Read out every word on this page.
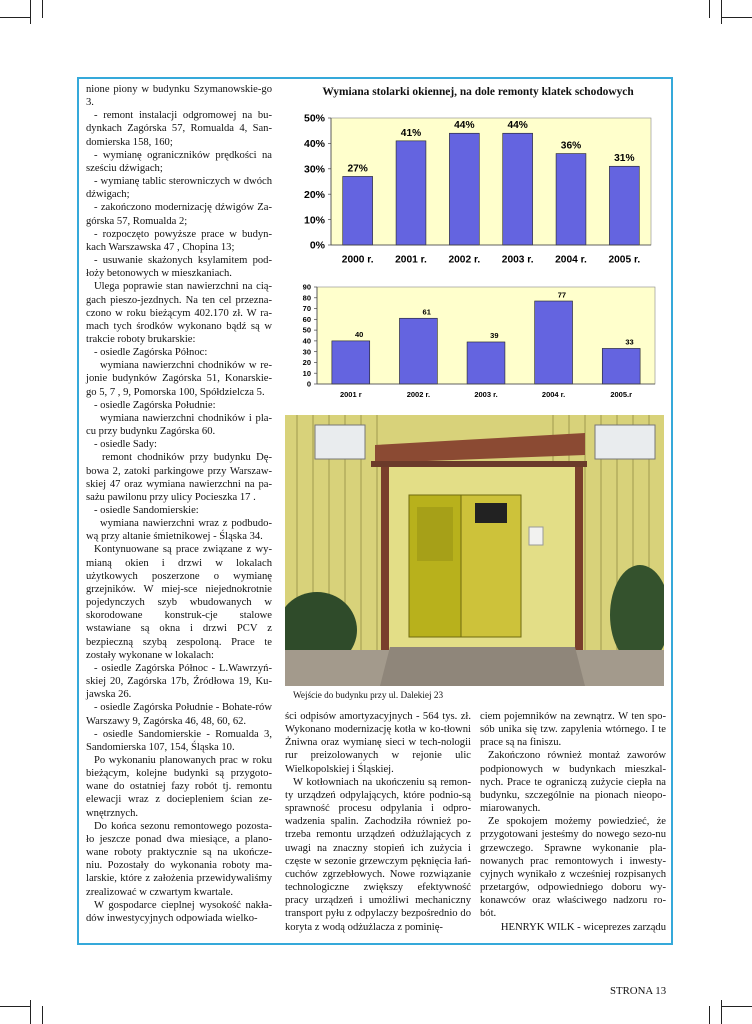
nione piony w budynku Szymanowskie-go 3.

- remont instalacji odgromowej na bu-dynkach Zagórska 57, Romualda 4, San-domierska 158, 160;

- wymianę ograniczników prędkości na sześciu dźwigach;

- wymianę tablic sterowniczych w dwóch dźwigach;

- zakończono modernizację dźwigów Za-górska 57, Romualda 2;

- rozpoczęto powyższe prace w budyn-kach Warszawska 47 , Chopina 13;

- usuwanie skażonych ksylamitem pod-łoży betonowych w mieszkaniach.

Ulega poprawie stan nawierzchni na cią-gach pieszo-jezdnych. Na ten cel przezna-czono w roku bieżącym 402.170 zł. W ra-mach tych środków wykonano bądź są w trakcie roboty brukarskie:

- osiedle Zagórska Północ:

wymiana nawierzchni chodników w re-jonie budynków Zagórska 51, Konarskie-go 5, 7 , 9, Pomorska 100, Spółdzielcza 5.

- osiedle Zagórska Południe:

wymiana nawierzchni chodników i pla-cu przy budynku Zagórska 60.

- osiedle Sady:

remont chodników przy budynku Dę-bowa 2, zatoki parkingowe przy Warszaw-skiej 47 oraz wymiana nawierzchni na pa-sażu pawilonu przy ulicy Pocieszka 17 .

- osiedle Sandomierskie:

wymiana nawierzchni wraz z podbudo-wą przy altanie śmietnikowej - Śląska 34.

Kontynuowane są prace związane z wy-mianą okien i drzwi w lokalach użytkowych poszerzone o wymianę grzejników. W miej-sce niejednokrotnie pojedynczych szyb wbudowanych w skorodowane konstruk-cje stalowe wstawiane są okna i drzwi PCV z bezpieczną szybą zespoloną. Prace te zostały wykonane w lokalach:

- osiedle Zagórska Północ - L.Wawrzyń-skiej 20, Zagórska 17b, Źródłowa 19, Ku-jawska 26.

- osiedle Zagórska Południe - Bohate-rów Warszawy 9, Zagórska 46, 48, 60, 62.

- osiedle Sandomierskie - Romualda 3, Sandomierska 107, 154, Śląska 10.

Po wykonaniu planowanych prac w roku bieżącym, kolejne budynki są przygoto-wane do ostatniej fazy robót tj. remontu elewacji wraz z dociepleniem ścian ze-wnętrznych.

Do końca sezonu remontowego pozosta-ło jeszcze ponad dwa miesiące, a plano-wane roboty praktycznie są na ukończe-niu. Pozostały do wykonania roboty ma-larskie, które z założenia przewidywaliśmy zrealizować w czwartym kwartale.

W gospodarce cieplnej wysokość nakła-dów inwestycyjnych odpowiada wielko-

Wymiana stolarki okiennej, na dole remonty klatek schodowych
0%
10%
20%
30%
40%
50%
27%
2000 r.
41%
2001 r.
44%
2002 r.
44%
2003 r.
36%
2004 r.
31%
2005 r.
0
10
20
30
40
50
60
70
80
90
40
2001 r
61
2002 r.
39
2003 r.
77
2004 r.
33
2005.r
Wejście do budynku przy ul. Dalekiej 23

ści odpisów amortyzacyjnych - 564 tys. zł. Wykonano modernizację kotła w ko-tłowni Żniwna oraz wymianę sieci w tech-nologii rur preizolowanych w rejonie ulic Wielkopolskiej i Śląskiej.

W kotłowniach na ukończeniu są remon-ty urządzeń odpylających, które podnio-są sprawność procesu odpylania i odpro-wadzenia spalin. Zachodziła również po-trzeba remontu urządzeń odżużlających z uwagi na znaczny stopień ich zużycia i częste w sezonie grzewczym pęknięcia łań-cuchów zgrzebłowych. Nowe rozwiązanie technologiczne zwiększy efektywność pracy urządzeń i umożliwi mechaniczny transport pyłu z odpylaczy bezpośrednio do koryta z wodą odżużlacza z pominię-

ciem pojemników na zewnątrz. W ten spo-sób unika się tzw. zapylenia wtórnego. I te prace są na finiszu.

Zakończono również montaż zaworów podpionowych w budynkach mieszkal-nych. Prace te ograniczą zużycie ciepła na budynku, szczególnie na pionach nieopo-miarowanych.

Ze spokojem możemy powiedzieć, że przygotowani jesteśmy do nowego sezo-nu grzewczego. Sprawne wykonanie pla-nowanych prac remontowych i inwesty-cyjnych wynikało z wcześniej rozpisanych przetargów, odpowiedniego doboru wy-konawców oraz właściwego nadzoru ro-bót.

HENRYK WILK - wiceprezes zarządu

STRONA 13
